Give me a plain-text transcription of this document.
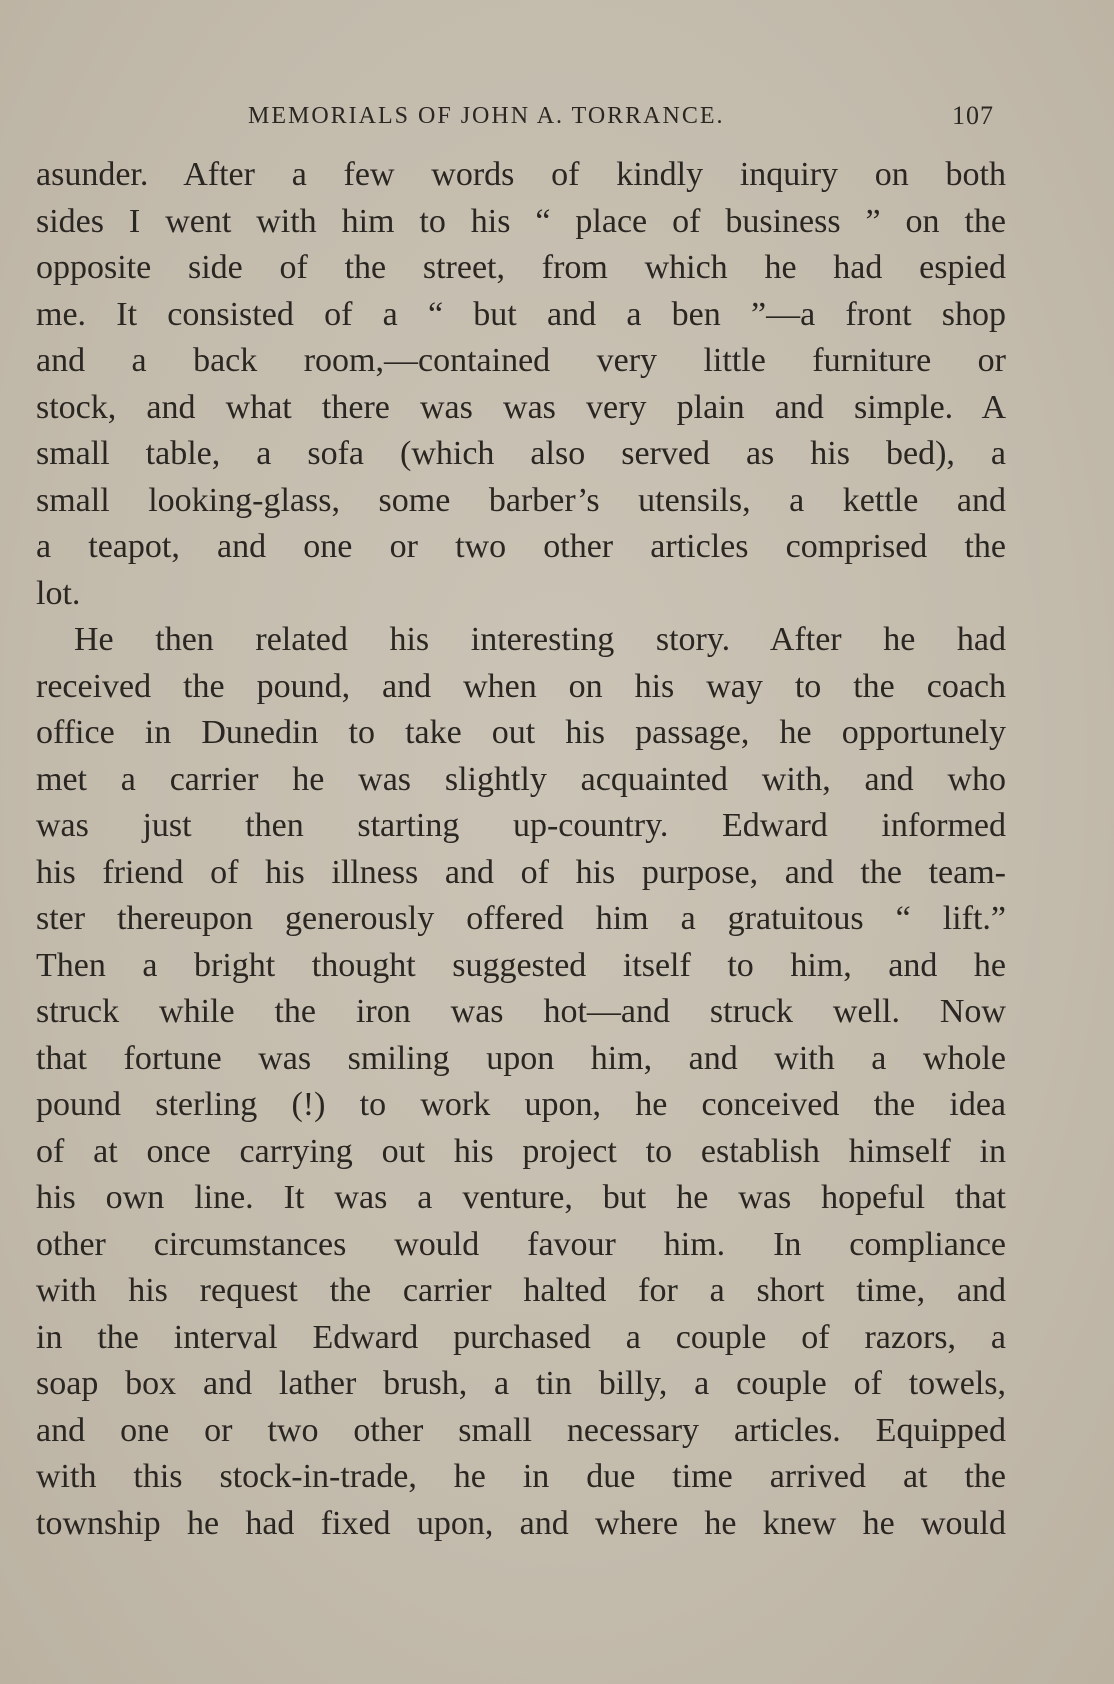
MEMORIALS OF JOHN A. TORRANCE.	107
asunder. After a few words of kindly inquiry on both
sides I went with him to his “ place of business ” on the
opposite side of the street, from which he had espied
me. It consisted of a “ but and a ben ”—a front shop
and a back room,—contained very little furniture or
stock, and what there was was very plain and simple. A
small table, a sofa (which also served as his bed), a
small looking-glass, some barber’s utensils, a kettle and
a teapot, and one or two other articles comprised the
lot.
He then related his interesting story. After he had
received the pound, and when on his way to the coach
office in Dunedin to take out his passage, he opportunely
met a carrier he was slightly acquainted with, and who
was just then starting up-country. Edward informed
his friend of his illness and of his purpose, and the team-
ster thereupon generously offered him a gratuitous “ lift.”
Then a bright thought suggested itself to him, and he
struck while the iron was hot—and struck well. Now
that fortune was smiling upon him, and with a whole
pound sterling (!) to work upon, he conceived the idea
of at once carrying out his project to establish himself in
his own line. It was a venture, but he was hopeful that
other circumstances would favour him. In compliance
with his request the carrier halted for a short time, and
in the interval Edward purchased a couple of razors, a
soap box and lather brush, a tin billy, a couple of towels,
and one or two other small necessary articles. Equipped
with this stock-in-trade, he in due time arrived at the
township he had fixed upon, and where he knew he would
